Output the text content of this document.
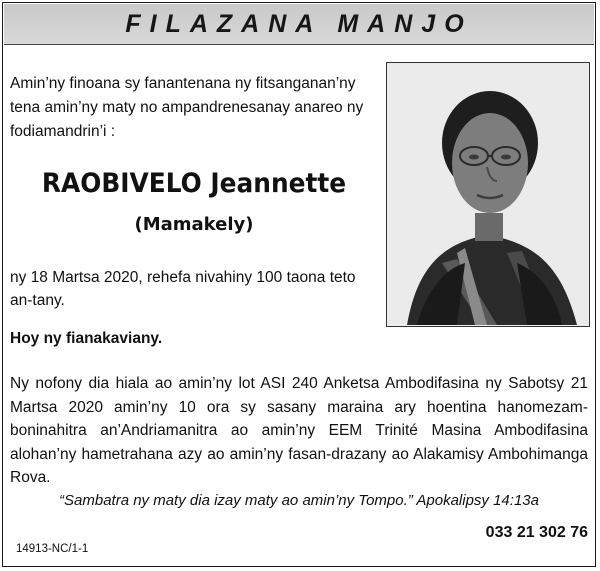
FILAZANA MANJO

Amin’ny finoana sy fanantenana ny fitsanganan’ny tena amin’ny maty no ampandrenesanay anareo ny fodiamandrin’i :

RAOBIVELO Jeannette
(Mamakely)

ny 18 Martsa 2020, rehefa nivahiny 100 taona teto an-tany.

Hoy ny fianakaviany.

Ny nofony dia hiala ao amin’ny lot ASI 240 Anketsa Ambodifasina ny Sabotsy 21 Martsa 2020 amin’ny 10 ora sy sasany maraina ary hoentina hanomezam-boninahitra an’Andriamanitra ao amin’ny EEM Trinité Masina Ambodifasina alohan’ny hametrahana azy ao amin’ny fasan-drazany ao Alakamisy Ambohimanga Rova.

“Sambatra ny maty dia izay maty ao amin’ny Tompo.” Apokalipsy 14:13a

033 21 302 76

14913-NC/1-1
